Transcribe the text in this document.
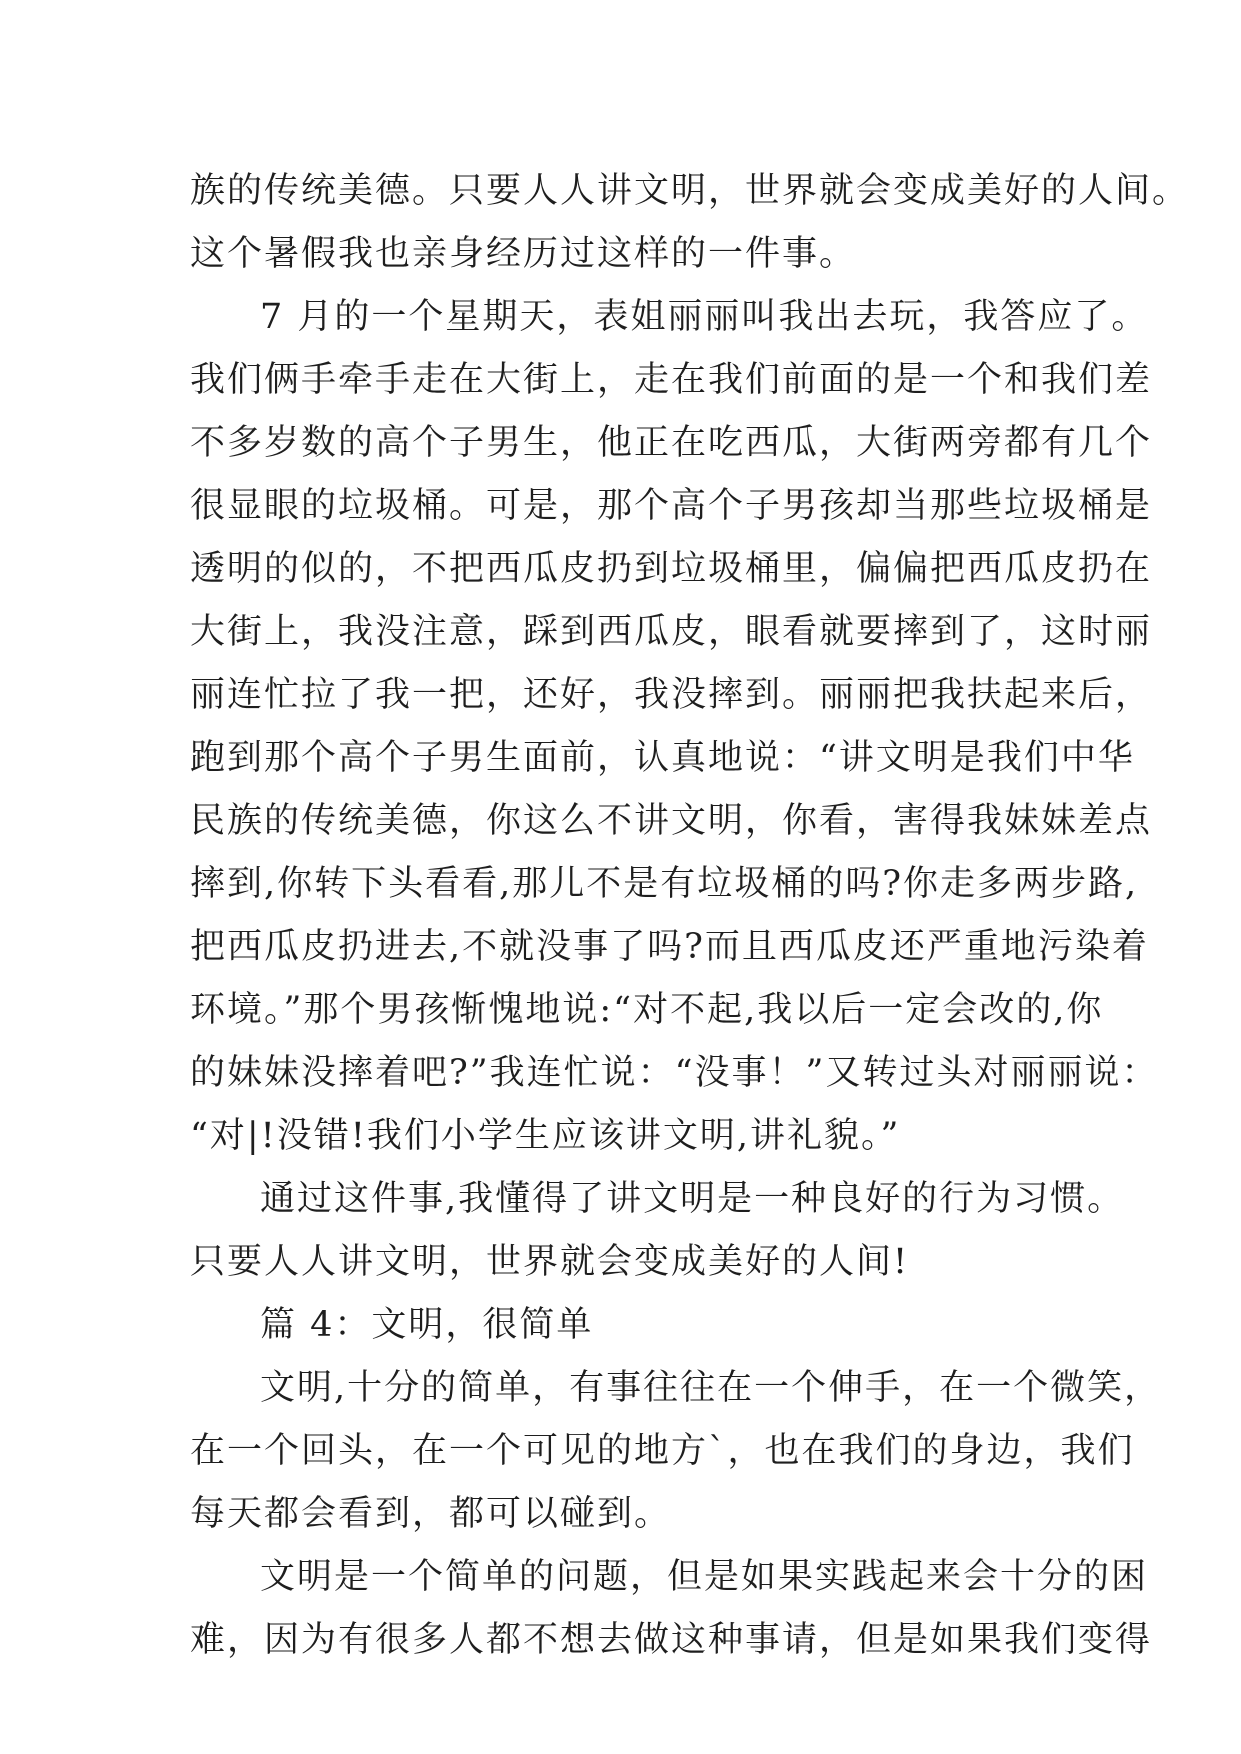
族的传统美德。只要人人讲文明，世界就会变成美好的人间。
这个暑假我也亲身经历过这样的一件事。
7 月的一个星期天，表姐丽丽叫我出去玩，我答应了。
我们俩手牵手走在大街上，走在我们前面的是一个和我们差
不多岁数的高个子男生，他正在吃西瓜，大街两旁都有几个
很显眼的垃圾桶。可是，那个高个子男孩却当那些垃圾桶是
透明的似的，不把西瓜皮扔到垃圾桶里，偏偏把西瓜皮扔在
大街上，我没注意，踩到西瓜皮，眼看就要摔到了，这时丽
丽连忙拉了我一把，还好，我没摔到。丽丽把我扶起来后，
跑到那个高个子男生面前，认真地说：“讲文明是我们中华
民族的传统美德，你这么不讲文明，你看，害得我妹妹差点
摔到,你转下头看看,那儿不是有垃圾桶的吗?你走多两步路,
把西瓜皮扔进去,不就没事了吗?而且西瓜皮还严重地污染着
环境。”那个男孩惭愧地说:“对不起,我以后一定会改的,你
的妹妹没摔着吧?”我连忙说：“没事！”又转过头对丽丽说：
“对|!没错!我们小学生应该讲文明,讲礼貌。”
通过这件事,我懂得了讲文明是一种良好的行为习惯。
只要人人讲文明，世界就会变成美好的人间!
篇 4：文明，很简单
文明,十分的简单，有事往往在一个伸手，在一个微笑，
在一个回头，在一个可见的地方`，也在我们的身边，我们
每天都会看到，都可以碰到。
文明是一个简单的问题，但是如果实践起来会十分的困
难，因为有很多人都不想去做这种事请，但是如果我们变得
